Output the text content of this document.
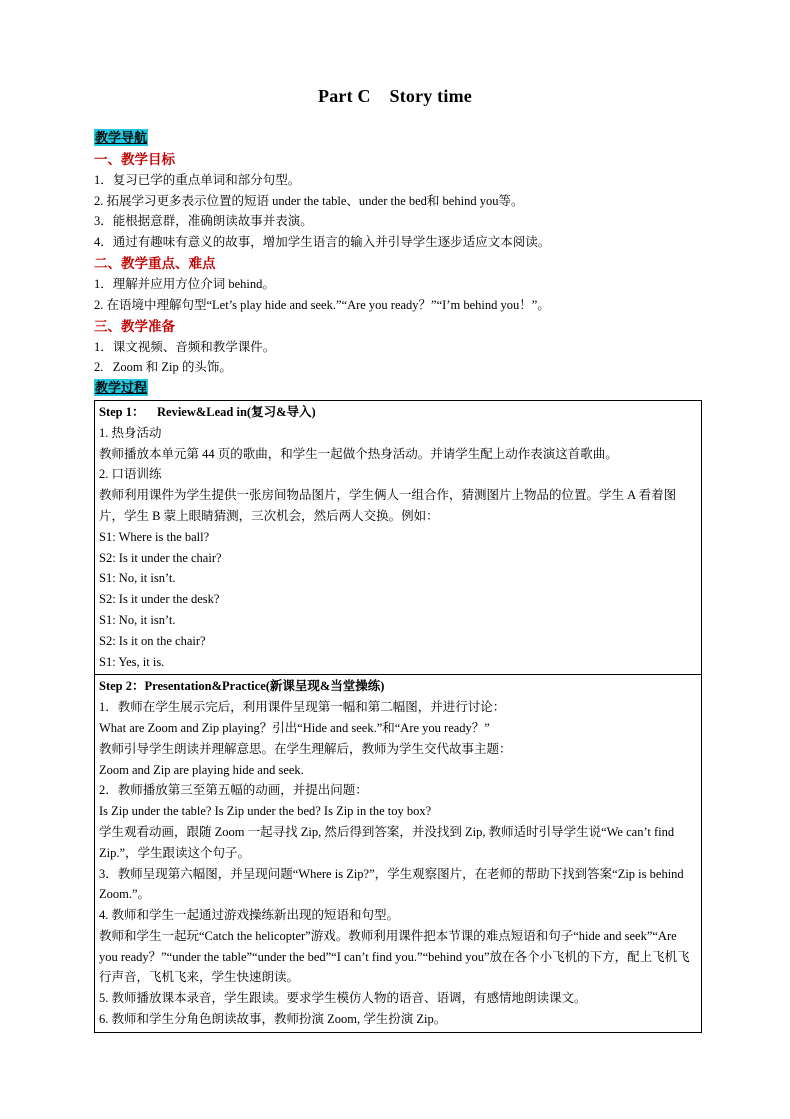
Part C    Story time
教学导航
一、教学目标
1．复习已学的重点单词和部分句型。
2. 拓展学习更多表示位置的短语 under the table、under the bed和 behind you等。
3．能根据意群，准确朗读故事并表演。
4．通过有趣味有意义的故事，增加学生语言的输入并引导学生逐步适应文本阅读。
二、教学重点、难点
1．理解并应用方位介词 behind。
2. 在语境中理解句型“Let’s play hide and seek.”“Are you ready？”“I’m behind you！”。
三、教学准备
1．课文视频、音频和教学课件。
2.   Zoom 和 Zip 的头饰。
教学过程
Step 1：    Review&Lead in(复习&导入)
1. 热身活动
教师播放本单元第 44 页的歌曲，和学生一起做个热身活动。并请学生配上动作表演这首歌曲。
2. 口语训练
教师利用课件为学生提供一张房间物品图片，学生俩人一组合作，猜测图片上物品的位置。学生 A 看着图片，学生 B 蒙上眼睛猜测，三次机会，然后两人交换。例如：
S1: Where is the ball?
S2: Is it under the chair?
S1: No, it isn’t.
S2: Is it under the desk?
S1: No, it isn’t.
S2: Is it on the chair?
S1: Yes, it is.

Step 2：Presentation&Practice(新课呈现&当堂操练)
1．教师在学生展示完后，利用课件呈现第一幅和第二幅图，并进行讨论：
What are Zoom and Zip playing？引出“Hide and seek.”和“Are you ready？”
教师引导学生朗读并理解意思。在学生理解后，教师为学生交代故事主题：
Zoom and Zip are playing hide and seek.
2．教师播放第三至第五幅的动画，并提出问题：
Is Zip under the table? Is Zip under the bed? Is Zip in the toy box?
学生观看动画，跟随 Zoom 一起寻找 Zip, 然后得到答案，并没找到 Zip, 教师适时引导学生说“We can’t find Zip.”，学生跟读这个句子。
3．教师呈现第六幅图，并呈现问题“Where is Zip?”，学生观察图片，在老师的帮助下找到答案“Zip is behind Zoom.”。
4. 教师和学生一起通过游戏操练新出现的短语和句型。
教师和学生一起玩“Catch the helicopter”游戏。教师利用课件把本节课的难点短语和句子“hide and seek”“Are you ready？”“under the table”“under the bed”“I can’t find you.”“behind you”放在各个小飞机的下方，配上飞机飞行声音，飞机飞来，学生快速朗读。
5. 教师播放课本录音，学生跟读。要求学生模仿人物的语音、语调，有感情地朗读课文。
6. 教师和学生分角色朗读故事，教师扮演 Zoom, 学生扮演 Zip。
